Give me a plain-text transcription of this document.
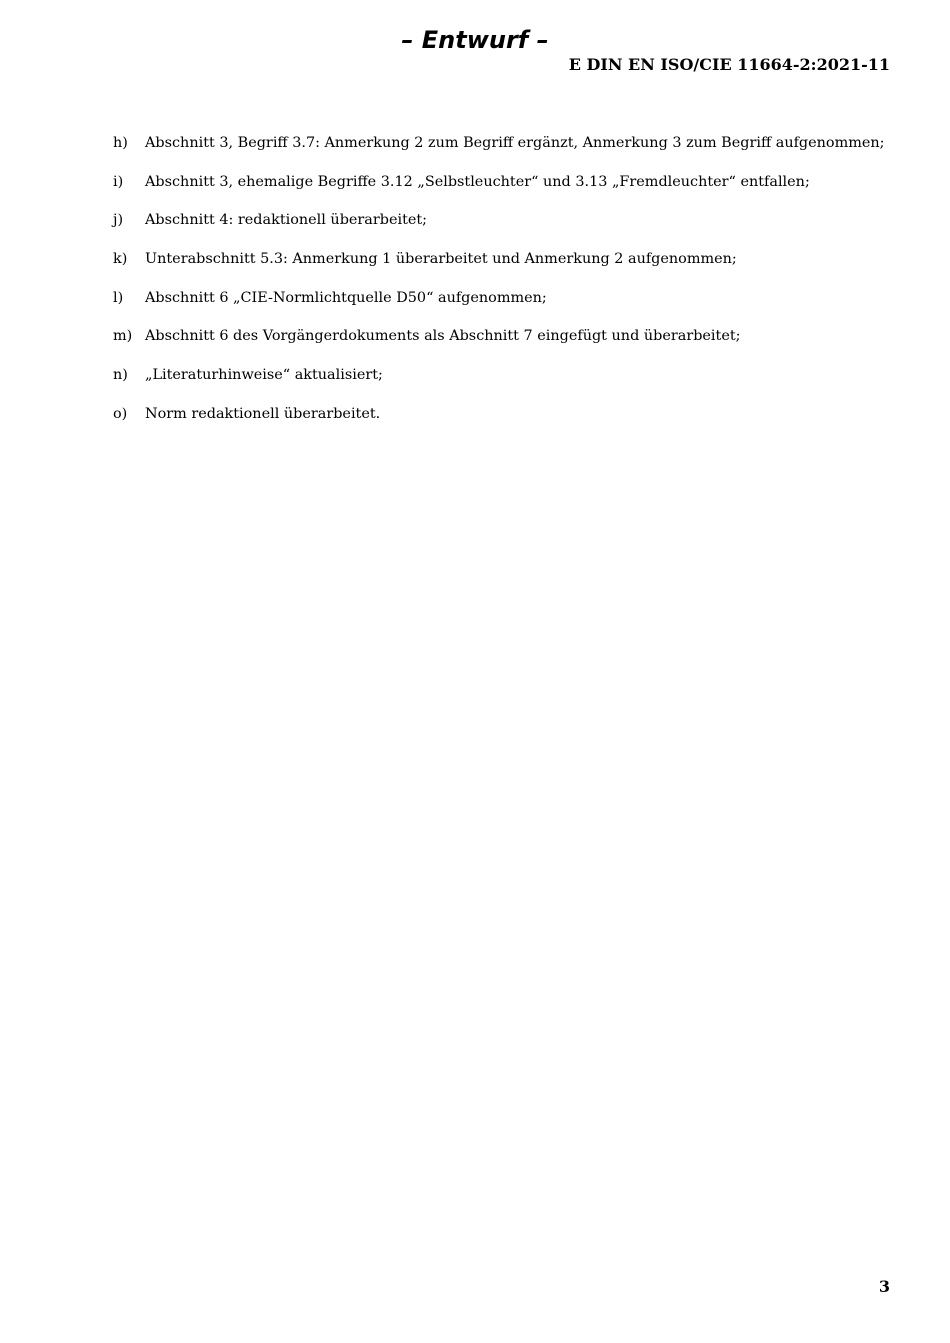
– Entwurf –
E DIN EN ISO/CIE 11664-2:2021-11
h) Abschnitt 3, Begriff 3.7: Anmerkung 2 zum Begriff ergänzt, Anmerkung 3 zum Begriff aufgenommen;
i) Abschnitt 3, ehemalige Begriffe 3.12 „Selbstleuchter“ und 3.13 „Fremdleuchter“ entfallen;
j) Abschnitt 4: redaktionell überarbeitet;
k) Unterabschnitt 5.3: Anmerkung 1 überarbeitet und Anmerkung 2 aufgenommen;
l) Abschnitt 6 „CIE-Normlichtquelle D50“ aufgenommen;
m) Abschnitt 6 des Vorgängerdokuments als Abschnitt 7 eingefügt und überarbeitet;
n) „Literaturhinweise“ aktualisiert;
o) Norm redaktionell überarbeitet.
3
